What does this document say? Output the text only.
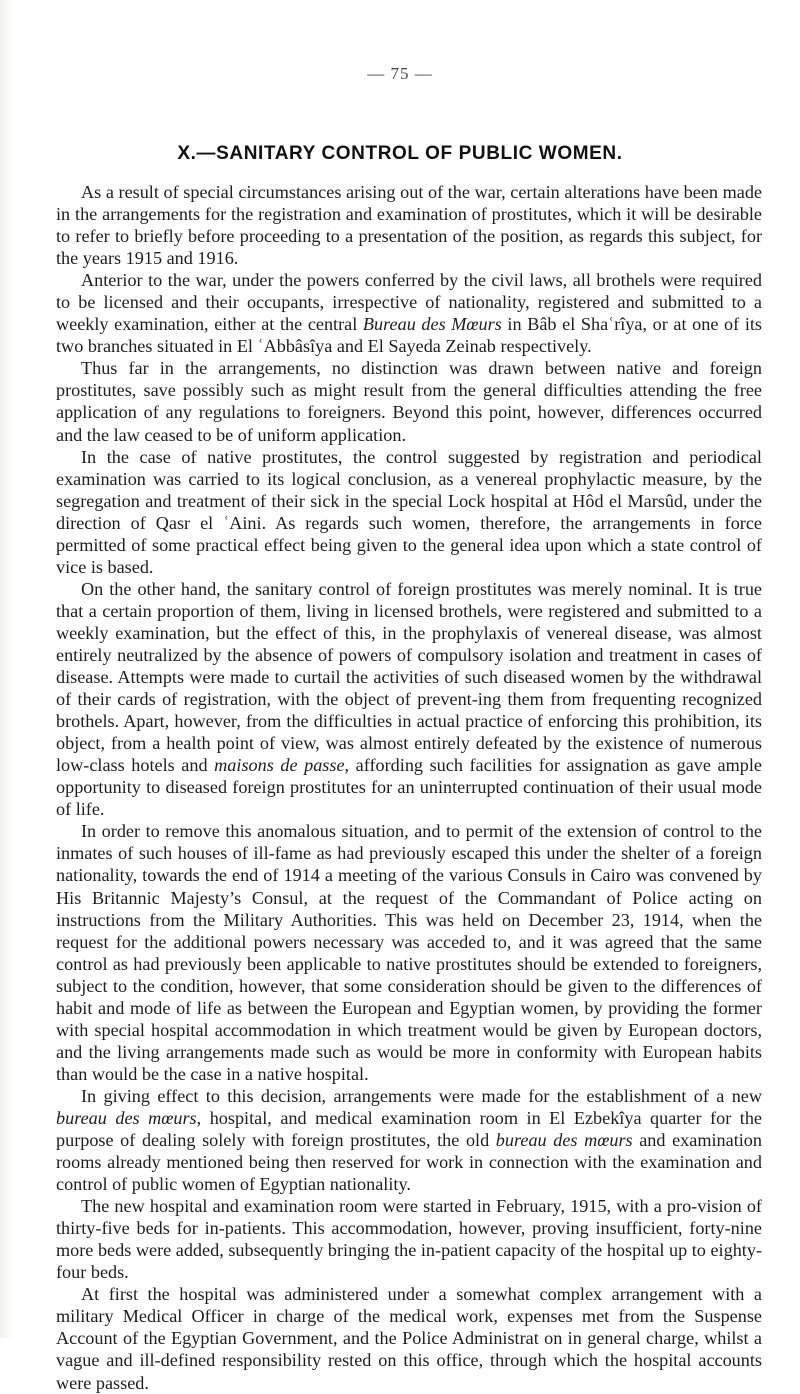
— 75 —
X.—SANITARY CONTROL OF PUBLIC WOMEN.

As a result of special circumstances arising out of the war, certain alterations have been made in the arrangements for the registration and examination of prostitutes, which it will be desirable to refer to briefly before proceeding to a presentation of the position, as regards this subject, for the years 1915 and 1916.

Anterior to the war, under the powers conferred by the civil laws, all brothels were required to be licensed and their occupants, irrespective of nationality, registered and submitted to a weekly examination, either at the central Bureau des Mœurs in Bâb el Shaʿrîya, or at one of its two branches situated in El ʿAbbâsîya and El Sayeda Zeinab respectively.

Thus far in the arrangements, no distinction was drawn between native and foreign prostitutes, save possibly such as might result from the general difficulties attending the free application of any regulations to foreigners. Beyond this point, however, differences occurred and the law ceased to be of uniform application.

In the case of native prostitutes, the control suggested by registration and periodical examination was carried to its logical conclusion, as a venereal prophylactic measure, by the segregation and treatment of their sick in the special Lock hospital at Hôd el Marsûd, under the direction of Qasr el ʿAini. As regards such women, therefore, the arrangements in force permitted of some practical effect being given to the general idea upon which a state control of vice is based.

On the other hand, the sanitary control of foreign prostitutes was merely nominal. It is true that a certain proportion of them, living in licensed brothels, were registered and submitted to a weekly examination, but the effect of this, in the prophylaxis of venereal disease, was almost entirely neutralized by the absence of powers of compulsory isolation and treatment in cases of disease. Attempts were made to curtail the activities of such diseased women by the withdrawal of their cards of registration, with the object of prevent-ing them from frequenting recognized brothels. Apart, however, from the difficulties in actual practice of enforcing this prohibition, its object, from a health point of view, was almost entirely defeated by the existence of numerous low-class hotels and maisons de passe, affording such facilities for assignation as gave ample opportunity to diseased foreign prostitutes for an uninterrupted continuation of their usual mode of life.

In order to remove this anomalous situation, and to permit of the extension of control to the inmates of such houses of ill-fame as had previously escaped this under the shelter of a foreign nationality, towards the end of 1914 a meeting of the various Consuls in Cairo was convened by His Britannic Majesty’s Consul, at the request of the Commandant of Police acting on instructions from the Military Authorities. This was held on December 23, 1914, when the request for the additional powers necessary was acceded to, and it was agreed that the same control as had previously been applicable to native prostitutes should be extended to foreigners, subject to the condition, however, that some consideration should be given to the differences of habit and mode of life as between the European and Egyptian women, by providing the former with special hospital accommodation in which treatment would be given by European doctors, and the living arrangements made such as would be more in conformity with European habits than would be the case in a native hospital.

In giving effect to this decision, arrangements were made for the establishment of a new bureau des mœurs, hospital, and medical examination room in El Ezbekîya quarter for the purpose of dealing solely with foreign prostitutes, the old bureau des mœurs and examination rooms already mentioned being then reserved for work in connection with the examination and control of public women of Egyptian nationality.

The new hospital and examination room were started in February, 1915, with a pro-vision of thirty-five beds for in-patients. This accommodation, however, proving insufficient, forty-nine more beds were added, subsequently bringing the in-patient capacity of the hospital up to eighty-four beds.

At first the hospital was administered under a somewhat complex arrangement with a military Medical Officer in charge of the medical work, expenses met from the Suspense Account of the Egyptian Government, and the Police Administrat on in general charge, whilst a vague and ill-defined responsibility rested on this office, through which the hospital accounts were passed.
